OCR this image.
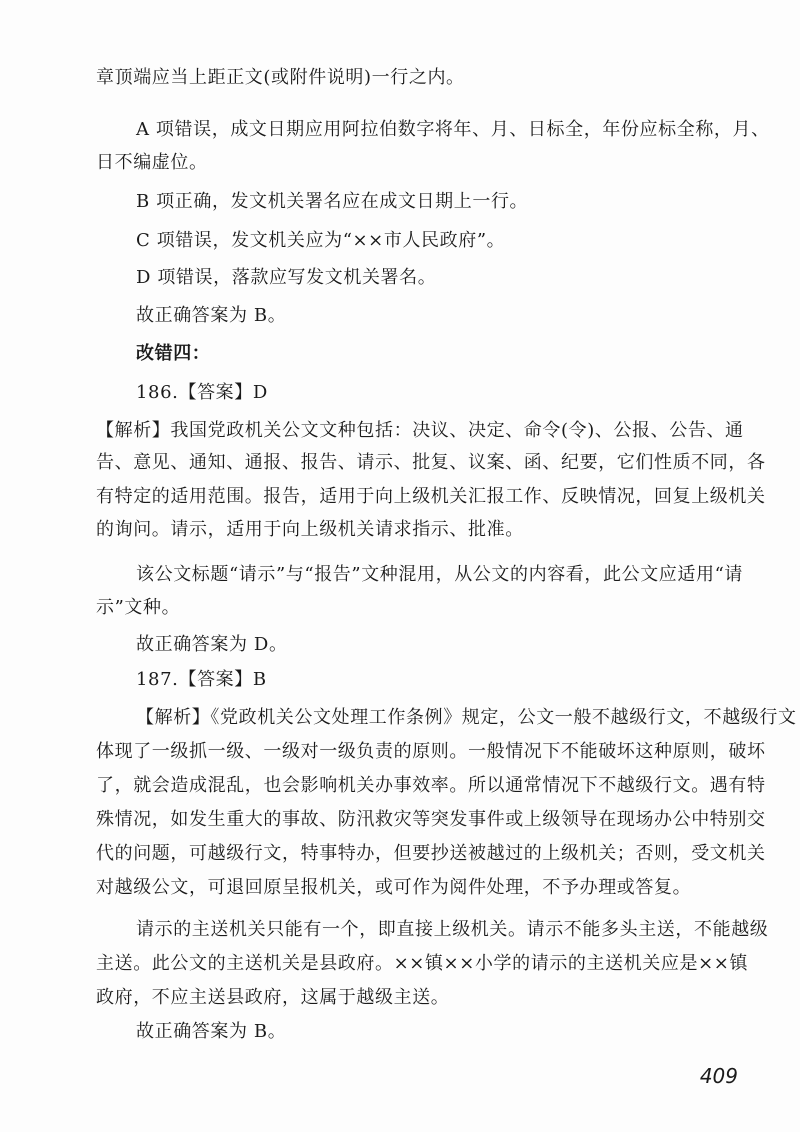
章顶端应当上距正文(或附件说明)一行之内。
A 项错误，成文日期应用阿拉伯数字将年、月、日标全，年份应标全称，月、
日不编虚位。
B 项正确，发文机关署名应在成文日期上一行。
C 项错误，发文机关应为“××市人民政府”。
D 项错误，落款应写发文机关署名。
故正确答案为 B。
改错四：
186.【答案】D
【解析】我国党政机关公文文种包括：决议、决定、命令(令)、公报、公告、通
告、意见、通知、通报、报告、请示、批复、议案、函、纪要，它们性质不同，各
有特定的适用范围。报告，适用于向上级机关汇报工作、反映情况，回复上级机关
的询问。请示，适用于向上级机关请求指示、批准。
该公文标题“请示”与“报告”文种混用，从公文的内容看，此公文应适用“请
示”文种。
故正确答案为 D。
187.【答案】B
【解析】《党政机关公文处理工作条例》规定，公文一般不越级行文，不越级行文
体现了一级抓一级、一级对一级负责的原则。一般情况下不能破坏这种原则，破坏
了，就会造成混乱，也会影响机关办事效率。所以通常情况下不越级行文。遇有特
殊情况，如发生重大的事故、防汛救灾等突发事件或上级领导在现场办公中特别交
代的问题，可越级行文，特事特办，但要抄送被越过的上级机关；否则，受文机关
对越级公文，可退回原呈报机关，或可作为阅件处理，不予办理或答复。
请示的主送机关只能有一个，即直接上级机关。请示不能多头主送，不能越级
主送。此公文的主送机关是县政府。××镇××小学的请示的主送机关应是××镇
政府，不应主送县政府，这属于越级主送。
故正确答案为 B。
409
